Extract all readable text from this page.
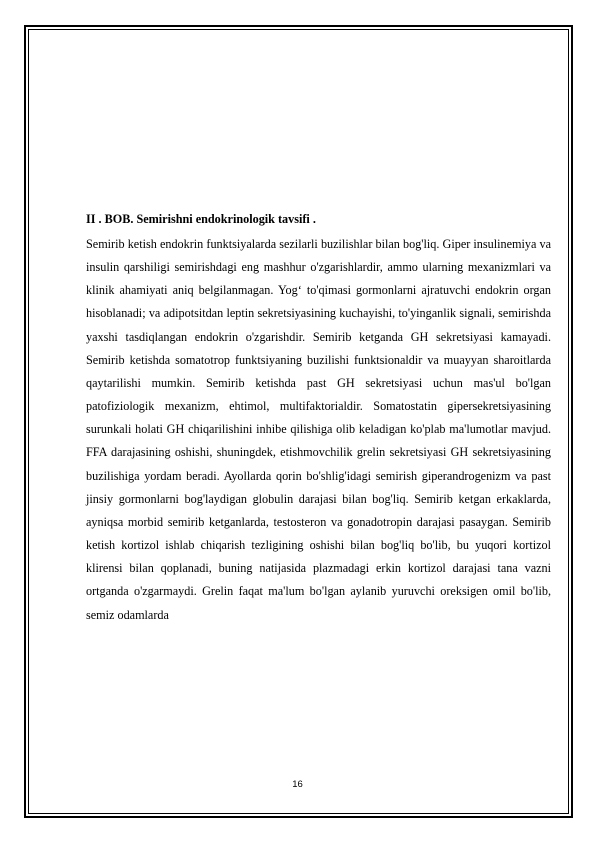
II . BOB. Semirishni endokrinologik tavsifi .

Semirib ketish endokrin funktsiyalarda sezilarli buzilishlar bilan bog'liq. Giper insulinemiya va insulin qarshiligi semirishdagi eng mashhur o'zgarishlardir, ammo ularning mexanizmlari va klinik ahamiyati aniq belgilanmagan. Yog‘ to'qimasi gormonlarni ajratuvchi endokrin organ hisoblanadi; va adipotsitdan leptin sekretsiyasining kuchayishi, to'yinganlik signali, semirishda yaxshi tasdiqlangan endokrin o'zgarishdir. Semirib ketganda GH sekretsiyasi kamayadi. Semirib ketishda somatotrop funktsiyaning buzilishi funktsionaldir va muayyan sharoitlarda qaytarilishi mumkin. Semirib ketishda past GH sekretsiyasi uchun mas'ul bo'lgan patofiziologik mexanizm, ehtimol, multifaktorialdir. Somatostatin gipersekretsiyasining surunkali holati GH chiqarilishini inhibe qilishiga olib keladigan ko'plab ma'lumotlar mavjud. FFA darajasining oshishi, shuningdek, etishmovchilik grelin sekretsiyasi GH sekretsiyasining buzilishiga yordam beradi. Ayollarda qorin bo'shlig'idagi semirish giperandrogenizm va past jinsiy gormonlarni bog'laydigan globulin darajasi bilan bog'liq. Semirib ketgan erkaklarda, ayniqsa morbid semirib ketganlarda, testosteron va gonadotropin darajasi pasaygan. Semirib ketish kortizol ishlab chiqarish tezligining oshishi bilan bog'liq bo'lib, bu yuqori kortizol klirensi bilan qoplanadi, buning natijasida plazmadagi erkin kortizol darajasi tana vazni ortganda o'zgarmaydi. Grelin faqat ma'lum bo'lgan aylanib yuruvchi oreksigen omil bo'lib, semiz odamlarda

16
